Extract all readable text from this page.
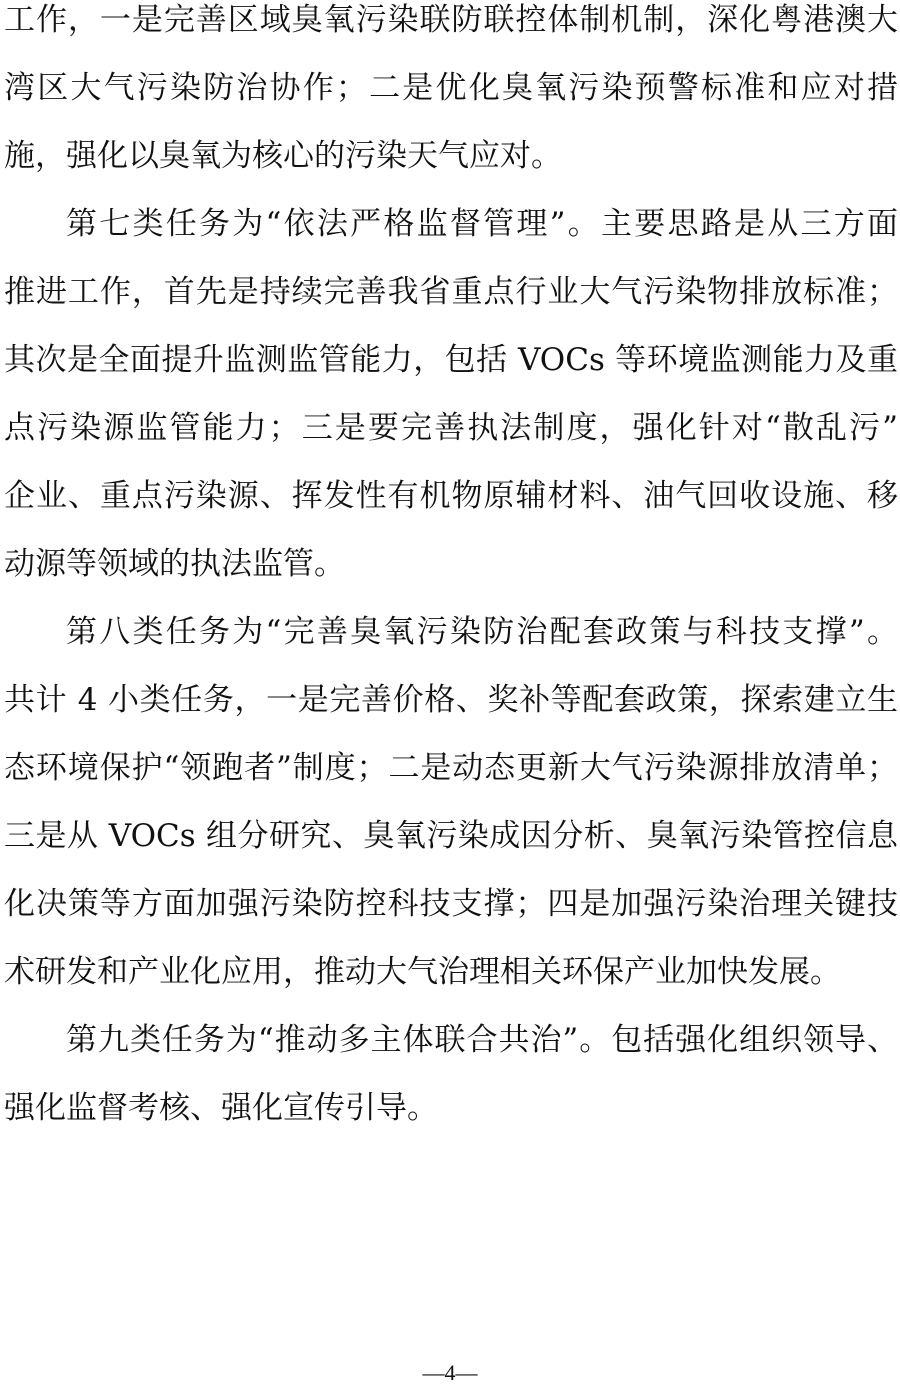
工作，一是完善区域臭氧污染联防联控体制机制，深化粤港澳大
湾区大气污染防治协作；二是优化臭氧污染预警标准和应对措
施，强化以臭氧为核心的污染天气应对。
第七类任务为“依法严格监督管理”。主要思路是从三方面
推进工作，首先是持续完善我省重点行业大气污染物排放标准；
其次是全面提升监测监管能力，包括 VOCs 等环境监测能力及重
点污染源监管能力；三是要完善执法制度，强化针对“散乱污”
企业、重点污染源、挥发性有机物原辅材料、油气回收设施、移
动源等领域的执法监管。
第八类任务为“完善臭氧污染防治配套政策与科技支撑”。
共计 4 小类任务，一是完善价格、奖补等配套政策，探索建立生
态环境保护“领跑者”制度；二是动态更新大气污染源排放清单；
三是从 VOCs 组分研究、臭氧污染成因分析、臭氧污染管控信息
化决策等方面加强污染防控科技支撑；四是加强污染治理关键技
术研发和产业化应用，推动大气治理相关环保产业加快发展。
第九类任务为“推动多主体联合共治”。包括强化组织领导、
强化监督考核、强化宣传引导。
—4—
